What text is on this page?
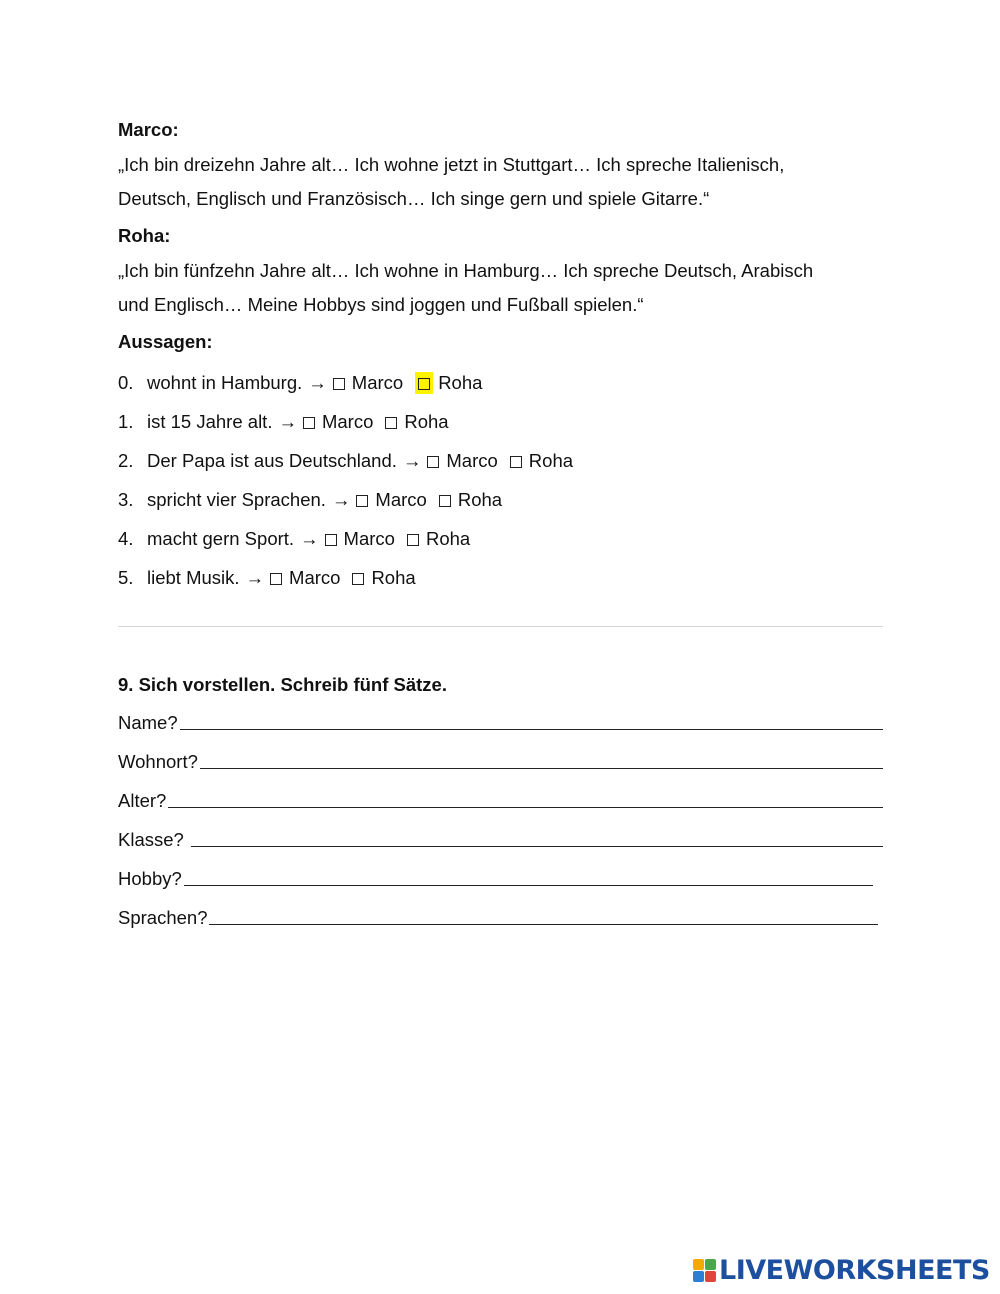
Marco:

„Ich bin dreizehn Jahre alt… Ich wohne jetzt in Stuttgart… Ich spreche Italienisch,

Deutsch, Englisch und Französisch… Ich singe gern und spiele Gitarre.“

Roha:

„Ich bin fünfzehn Jahre alt… Ich wohne in Hamburg… Ich spreche Deutsch, Arabisch

und Englisch… Meine Hobbys sind joggen und Fußball spielen.“

Aussagen:
0. wohnt in Hamburg. → Marco Roha
1. ist 15 Jahre alt. → Marco Roha
2. Der Papa ist aus Deutschland. → Marco Roha
3. spricht vier Sprachen. → Marco Roha
4. macht gern Sport. → Marco Roha
5. liebt Musik. → Marco Roha
9. Sich vorstellen. Schreib fünf Sätze.
Name?
Wohnort?
Alter?
Klasse?
Hobby?
Sprachen?
LIVEWORKSHEETS
